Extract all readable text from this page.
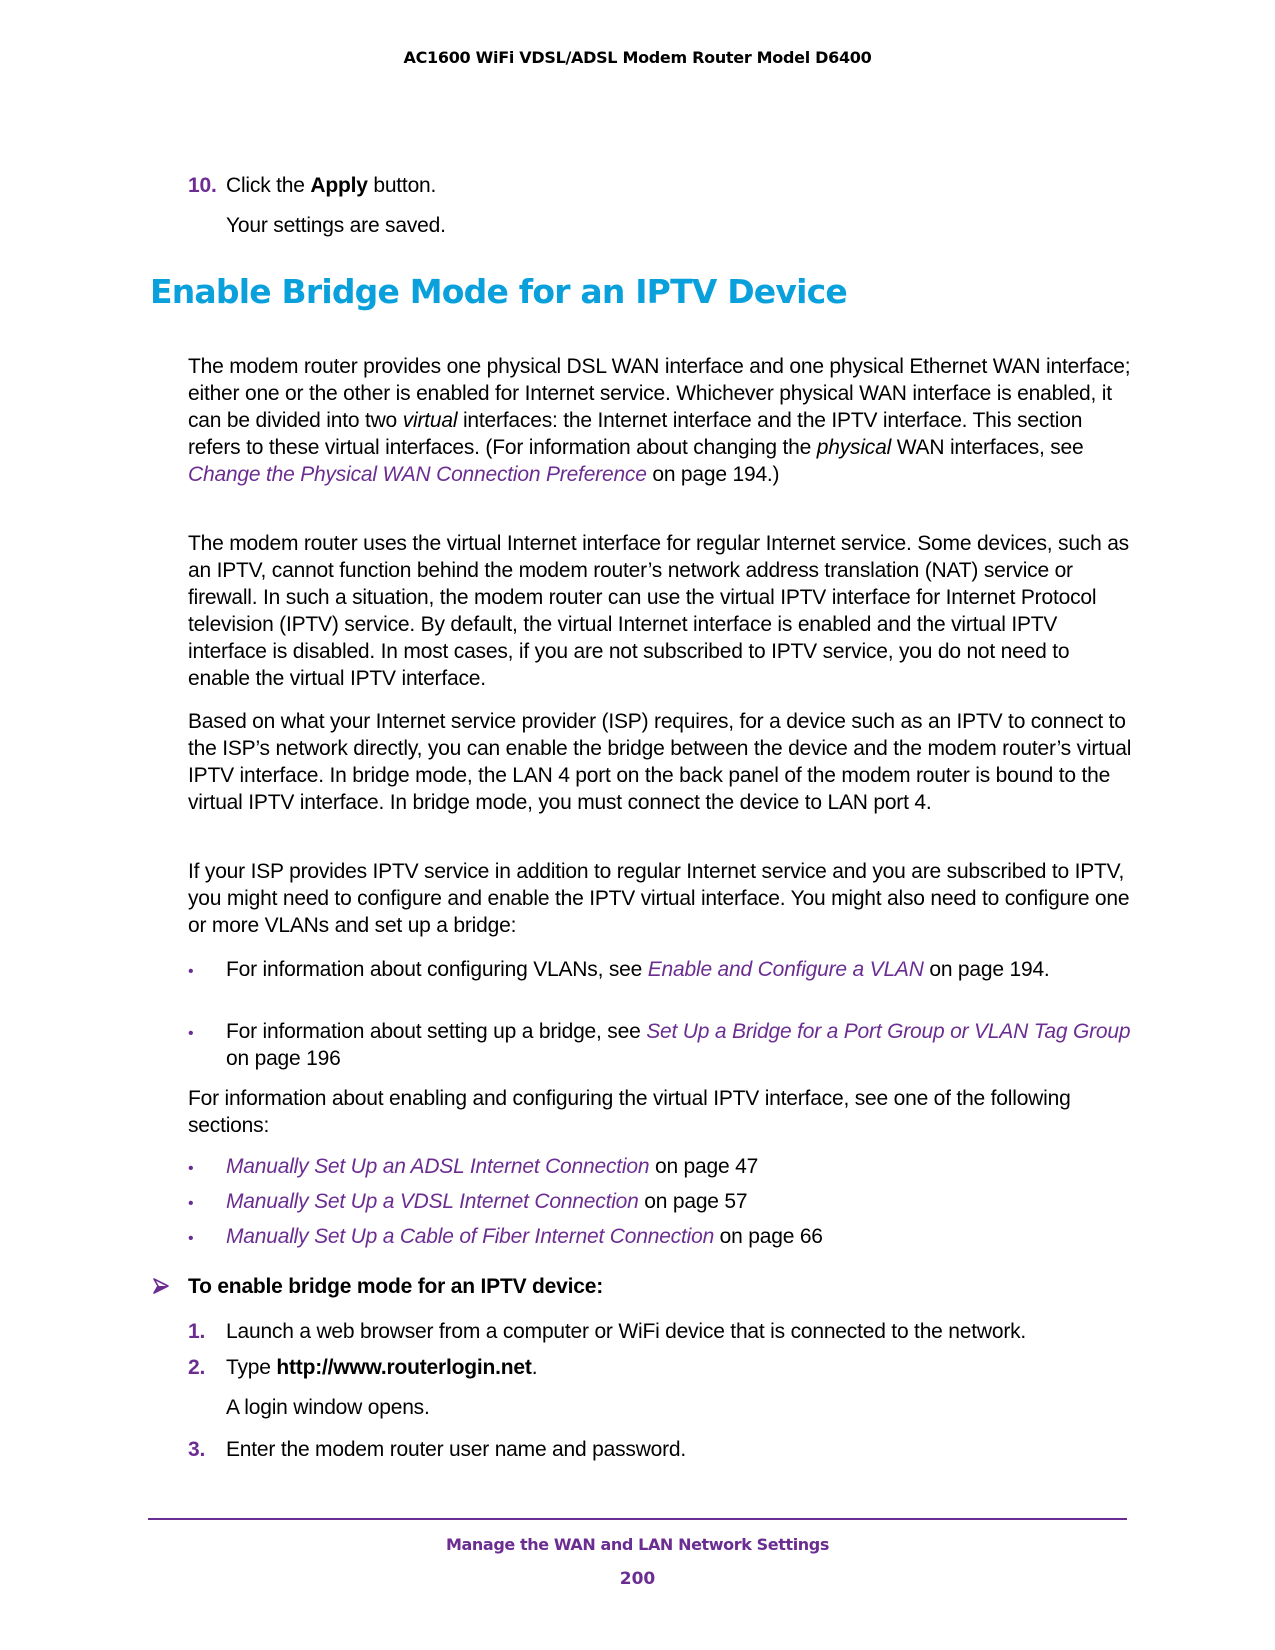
AC1600 WiFi VDSL/ADSL Modem Router Model D6400
10. Click the Apply button.
Your settings are saved.
Enable Bridge Mode for an IPTV Device

The modem router provides one physical DSL WAN interface and one physical Ethernet WAN interface; either one or the other is enabled for Internet service. Whichever physical WAN interface is enabled, it can be divided into two virtual interfaces: the Internet interface and the IPTV interface. This section refers to these virtual interfaces. (For information about changing the physical WAN interfaces, see Change the Physical WAN Connection Preference on page 194.)

The modem router uses the virtual Internet interface for regular Internet service. Some devices, such as an IPTV, cannot function behind the modem router’s network address translation (NAT) service or firewall. In such a situation, the modem router can use the virtual IPTV interface for Internet Protocol television (IPTV) service. By default, the virtual Internet interface is enabled and the virtual IPTV interface is disabled. In most cases, if you are not subscribed to IPTV service, you do not need to enable the virtual IPTV interface.

Based on what your Internet service provider (ISP) requires, for a device such as an IPTV to connect to the ISP’s network directly, you can enable the bridge between the device and the modem router’s virtual IPTV interface. In bridge mode, the LAN 4 port on the back panel of the modem router is bound to the virtual IPTV interface. In bridge mode, you must connect the device to LAN port 4.

If your ISP provides IPTV service in addition to regular Internet service and you are subscribed to IPTV, you might need to configure and enable the IPTV virtual interface. You might also need to configure one or more VLANs and set up a bridge:

• For information about configuring VLANs, see Enable and Configure a VLAN on page 194.
• For information about setting up a bridge, see Set Up a Bridge for a Port Group or VLAN Tag Group on page 196

For information about enabling and configuring the virtual IPTV interface, see one of the following sections:

• Manually Set Up an ADSL Internet Connection on page 47
• Manually Set Up a VDSL Internet Connection on page 57
• Manually Set Up a Cable of Fiber Internet Connection on page 66
To enable bridge mode for an IPTV device:
1. Launch a web browser from a computer or WiFi device that is connected to the network.
2. Type http://www.routerlogin.net.
A login window opens.
3. Enter the modem router user name and password.
Manage the WAN and LAN Network Settings
200
